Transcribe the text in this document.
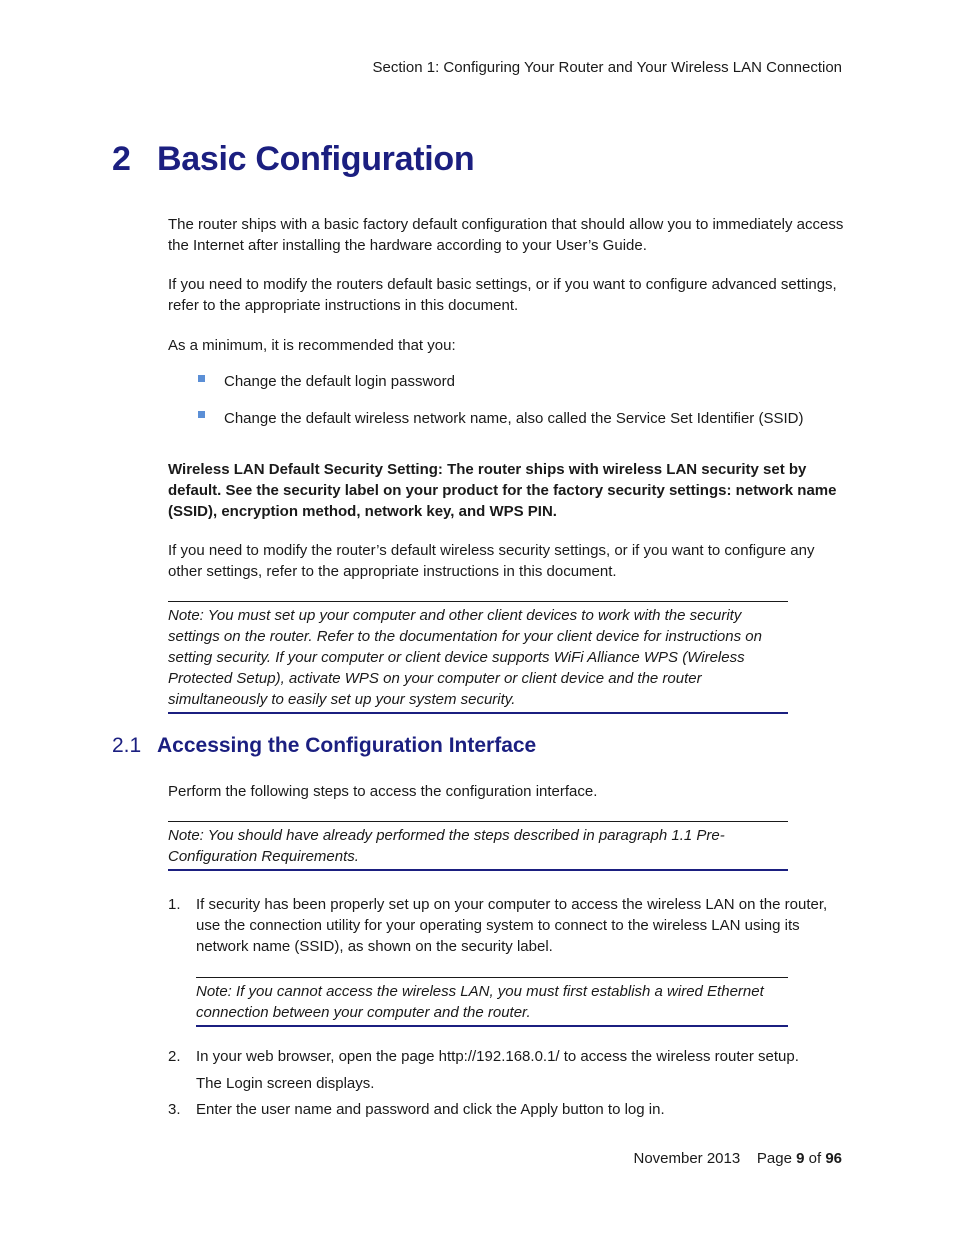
Section 1: Configuring Your Router and Your Wireless LAN Connection
2 Basic Configuration

The router ships with a basic factory default configuration that should allow you to immediately access the Internet after installing the hardware according to your User’s Guide.

If you need to modify the routers default basic settings, or if you want to configure advanced settings, refer to the appropriate instructions in this document.

As a minimum, it is recommended that you:

Change the default login password

Change the default wireless network name, also called the Service Set Identifier (SSID)

Wireless LAN Default Security Setting: The router ships with wireless LAN security set by default. See the security label on your product for the factory security settings: network name (SSID), encryption method, network key, and WPS PIN.

If you need to modify the router’s default wireless security settings, or if you want to configure any other settings, refer to the appropriate instructions in this document.

Note: You must set up your computer and other client devices to work with the security settings on the router. Refer to the documentation for your client device for instructions on setting security. If your computer or client device supports WiFi Alliance WPS (Wireless Protected Setup), activate WPS on your computer or client device and the router simultaneously to easily set up your system security.
2.1 Accessing the Configuration Interface

Perform the following steps to access the configuration interface.

Note: You should have already performed the steps described in paragraph 1.1 Pre-Configuration Requirements.
1. If security has been properly set up on your computer to access the wireless LAN on the router, use the connection utility for your operating system to connect to the wireless LAN using its network name (SSID), as shown on the security label.

Note: If you cannot access the wireless LAN, you must first establish a wired Ethernet connection between your computer and the router.
2. In your web browser, open the page http://192.168.0.1/ to access the wireless router setup.

The Login screen displays.

3. Enter the user name and password and click the Apply button to log in.

November 2013 Page 9 of 96
